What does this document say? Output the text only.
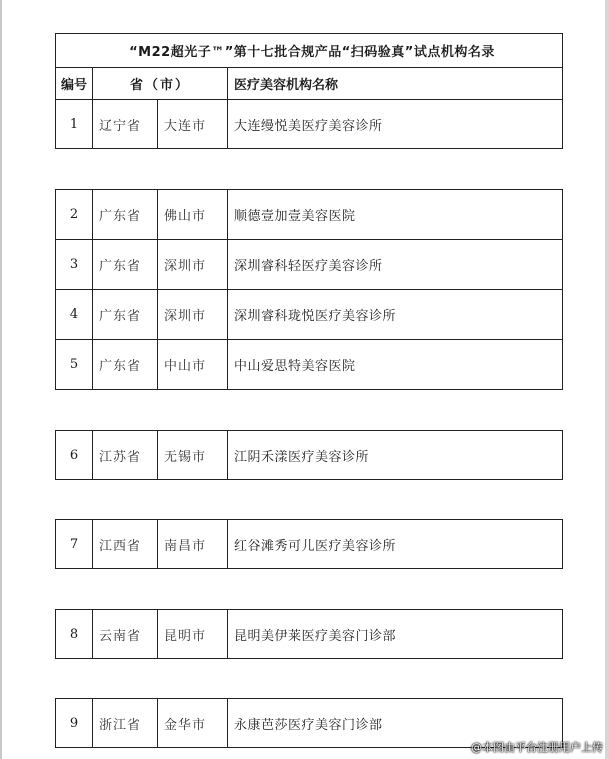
“M22超光子™”第十七批合规产品“扫码验真”试点机构名录			
编号	省（市）		医疗美容机构名称
1	辽宁省	大连市	大连缦悦美医疗美容诊所
2	广东省	佛山市	顺德壹加壹美容医院
3	广东省	深圳市	深圳睿科轻医疗美容诊所
4	广东省	深圳市	深圳睿科珑悦医疗美容诊所
5	广东省	中山市	中山爱思特美容医院
6	江苏省	无锡市	江阴禾漾医疗美容诊所
7	江西省	南昌市	红谷滩秀可儿医疗美容诊所
8	云南省	昆明市	昆明美伊莱医疗美容门诊部
9	浙江省	金华市	永康芭莎医疗美容门诊部
@本图由平台注册用户上传
